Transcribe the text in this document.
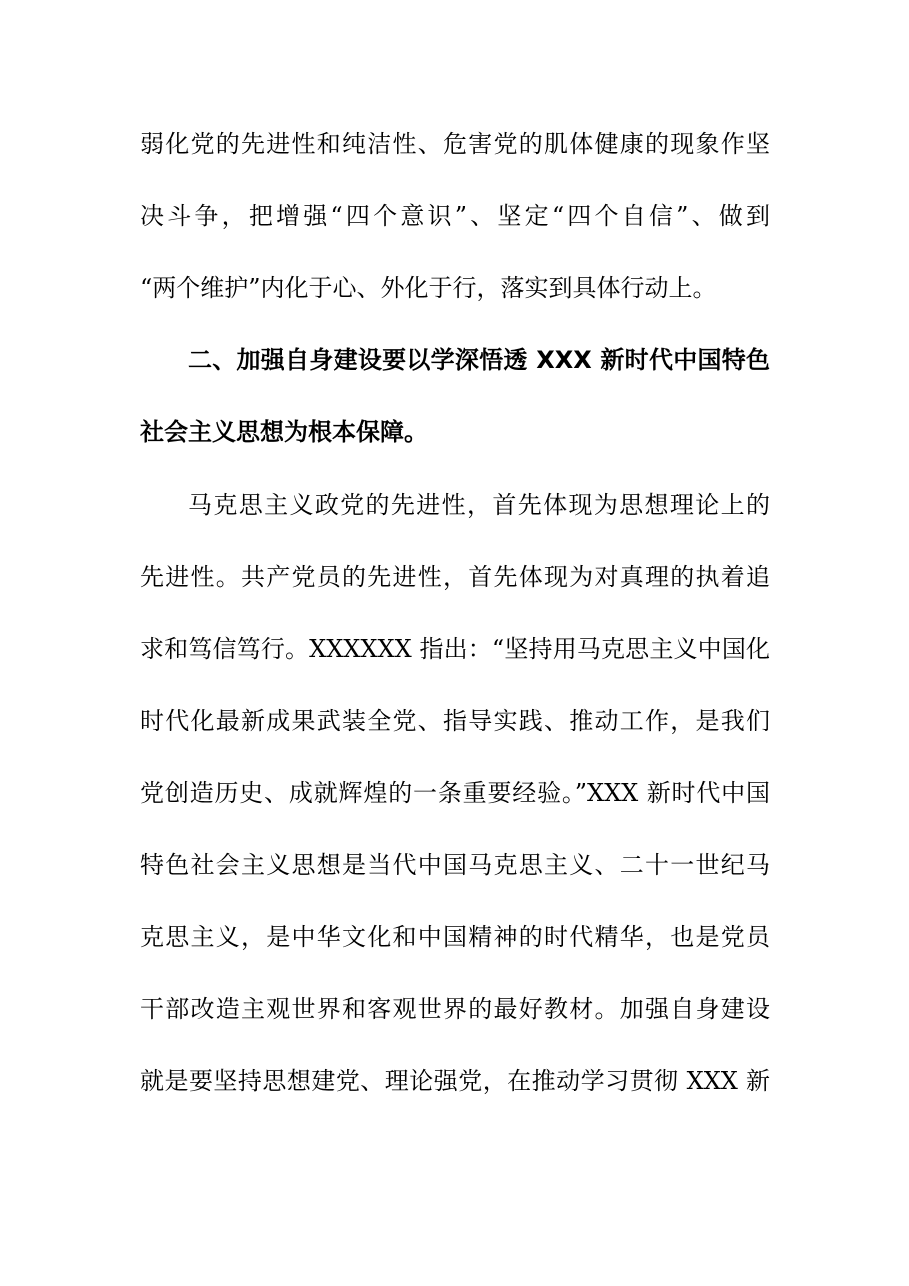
弱化党的先进性和纯洁性、危害党的肌体健康的现象作坚
决斗争，把增强“四个意识”、坚定“四个自信”、做到
“两个维护”内化于心、外化于行，落实到具体行动上。
二、加强自身建设要以学深悟透 XXX 新时代中国特色
社会主义思想为根本保障。
马克思主义政党的先进性，首先体现为思想理论上的
先进性。共产党员的先进性，首先体现为对真理的执着追
求和笃信笃行。XXXXXX 指出：“坚持用马克思主义中国化
时代化最新成果武装全党、指导实践、推动工作，是我们
党创造历史、成就辉煌的一条重要经验。”XXX 新时代中国
特色社会主义思想是当代中国马克思主义、二十一世纪马
克思主义，是中华文化和中国精神的时代精华，也是党员
干部改造主观世界和客观世界的最好教材。加强自身建设
就是要坚持思想建党、理论强党，在推动学习贯彻 XXX 新
